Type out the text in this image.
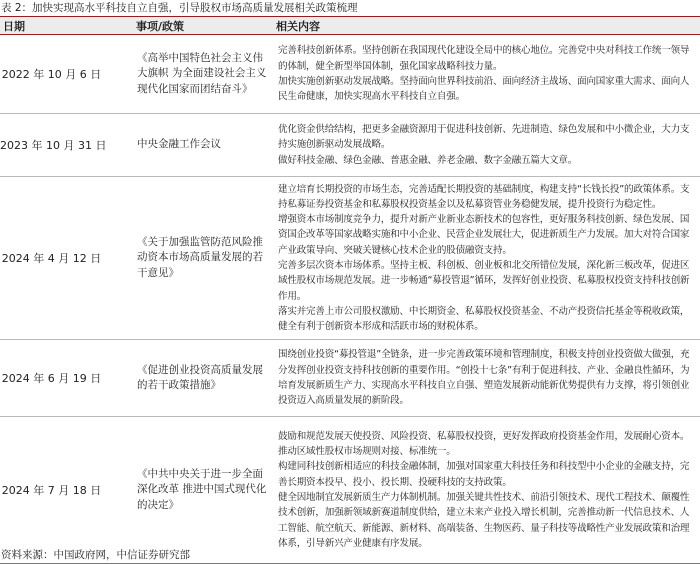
表 2：加快实现高水平科技自立自强，引导股权市场高质量发展相关政策梳理
日期	事项/政策	相关内容
2022 年 10 月 6 日	《高举中国特色社会主义伟大旗帜 为全面建设社会主义现代化国家而团结奋斗》	完善科技创新体系。坚持创新在我国现代化建设全局中的核心地位。完善党中央对科技工作统一领导的体制，健全新型举国体制，强化国家战略科技力量。
加快实施创新驱动发展战略。坚持面向世界科技前沿、面向经济主战场、面向国家重大需求、面向人民生命健康，加快实现高水平科技自立自强。

2023 年 10 月 31 日	中央金融工作会议	优化资金供给结构，把更多金融资源用于促进科技创新、先进制造、绿色发展和中小微企业，大力支持实施创新驱动发展战略。
做好科技金融、绿色金融、普惠金融、养老金融、数字金融五篇大文章。

2024 年 4 月 12 日	《关于加强监管防范风险推动资本市场高质量发展的若干意见》	建立培育长期投资的市场生态，完善适配长期投资的基础制度，构建支持“长钱长投”的政策体系。支持私募证券投资基金和私募股权投资基金以及私募资管业务稳健发展，提升投资行为稳定性。
增强资本市场制度竞争力，提升对新产业新业态新技术的包容性，更好服务科技创新、绿色发展、国资国企改革等国家战略实施和中小企业、民营企业发展壮大，促进新质生产力发展。加大对符合国家产业政策导向、突破关键核心技术企业的股债融资支持。
完善多层次资本市场体系。坚持主板、科创板、创业板和北交所错位发展，深化新三板改革，促进区域性股权市场规范发展。进一步畅通“募投管退”循环，发挥好创业投资、私募股权投资支持科技创新作用。
落实并完善上市公司股权激励、中长期资金、私募股权投资基金、不动产投资信托基金等税收政策，健全有利于创新资本形成和活跃市场的财税体系。

2024 年 6 月 19 日	《促进创业投资高质量发展的若干政策措施》	围绕创业投资“募投管退”全链条，进一步完善政策环境和管理制度，积极支持创业投资做大做强，充分发挥创业投资支持科技创新的重要作用。“创投十七条”有利于促进科技、产业、金融良性循环，为培育发展新质生产力、实现高水平科技自立自强、塑造发展新动能新优势提供有力支撑，将引领创业投资迈入高质量发展的新阶段。

2024 年 7 月 18 日	《中共中央关于进一步全面深化改革 推进中国式现代化的决定》	鼓励和规范发展天使投资、风险投资、私募股权投资，更好发挥政府投资基金作用，发展耐心资本。
推动区域性股权市场规则对接、标准统一。
构建同科技创新相适应的科技金融体制，加强对国家重大科技任务和科技型中小企业的金融支持，完善长期资本投早、投小、投长期、投硬科技的支持政策。
健全因地制宜发展新质生产力体制机制。加强关键共性技术、前沿引领技术、现代工程技术、颠覆性技术创新，加强新领域新赛道制度供给，建立未来产业投入增长机制，完善推动新一代信息技术、人工智能、航空航天、新能源、新材料、高端装备、生物医药、量子科技等战略性产业发展政策和治理体系，引导新兴产业健康有序发展。
资料来源：中国政府网，中信证券研究部
